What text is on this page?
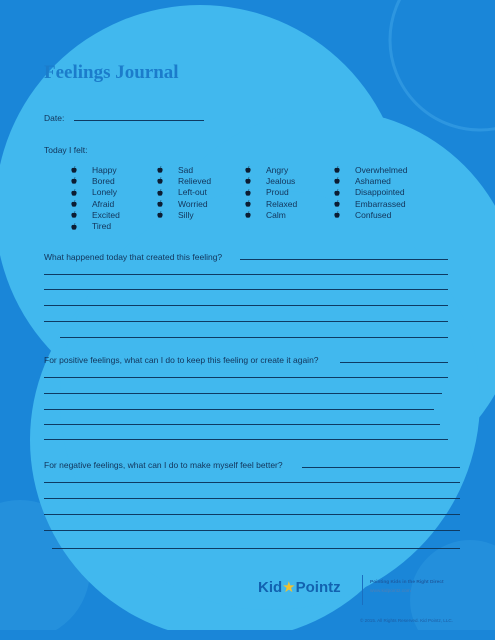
Feelings Journal
Date:
Today I felt:
Happy
Bored
Lonely
Afraid
Excited
Tired
Sad
Relieved
Left-out
Worried
Silly
Angry
Jealous
Proud
Relaxed
Calm
Overwhelmed
Ashamed
Disappointed
Embarrassed
Confused
What happened today that created this feeling?
For positive feelings, what can I do to keep this feeling or create it again?
For negative feelings, what can I do to make myself feel better?
Kid★Pointz	Pointing Kids in the Right Direct
www.kidpointz.com
© 2015. All Rights Reserved. Kid Pointz, LLC.
